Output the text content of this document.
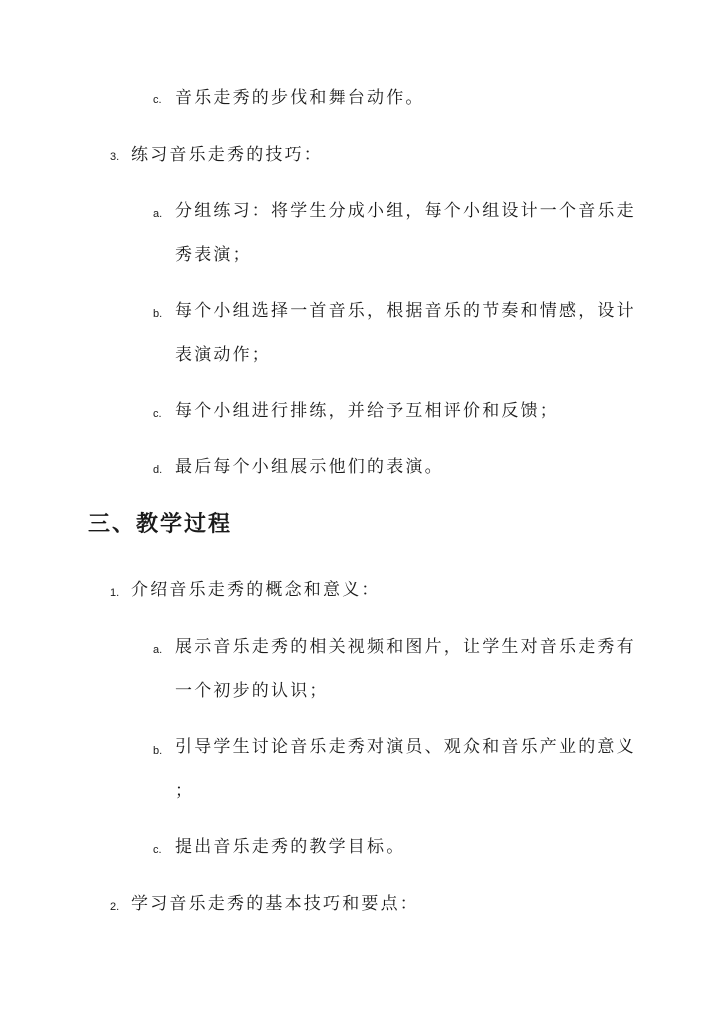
c. 音乐走秀的步伐和舞台动作。
3. 练习音乐走秀的技巧：
a. 分组练习：将学生分成小组，每个小组设计一个音乐走
秀表演；
b. 每个小组选择一首音乐，根据音乐的节奏和情感，设计
表演动作；
c. 每个小组进行排练，并给予互相评价和反馈；
d. 最后每个小组展示他们的表演。
三、教学过程
1. 介绍音乐走秀的概念和意义：
a. 展示音乐走秀的相关视频和图片，让学生对音乐走秀有
一个初步的认识；
b. 引导学生讨论音乐走秀对演员、观众和音乐产业的意义
；
c. 提出音乐走秀的教学目标。
2. 学习音乐走秀的基本技巧和要点：
